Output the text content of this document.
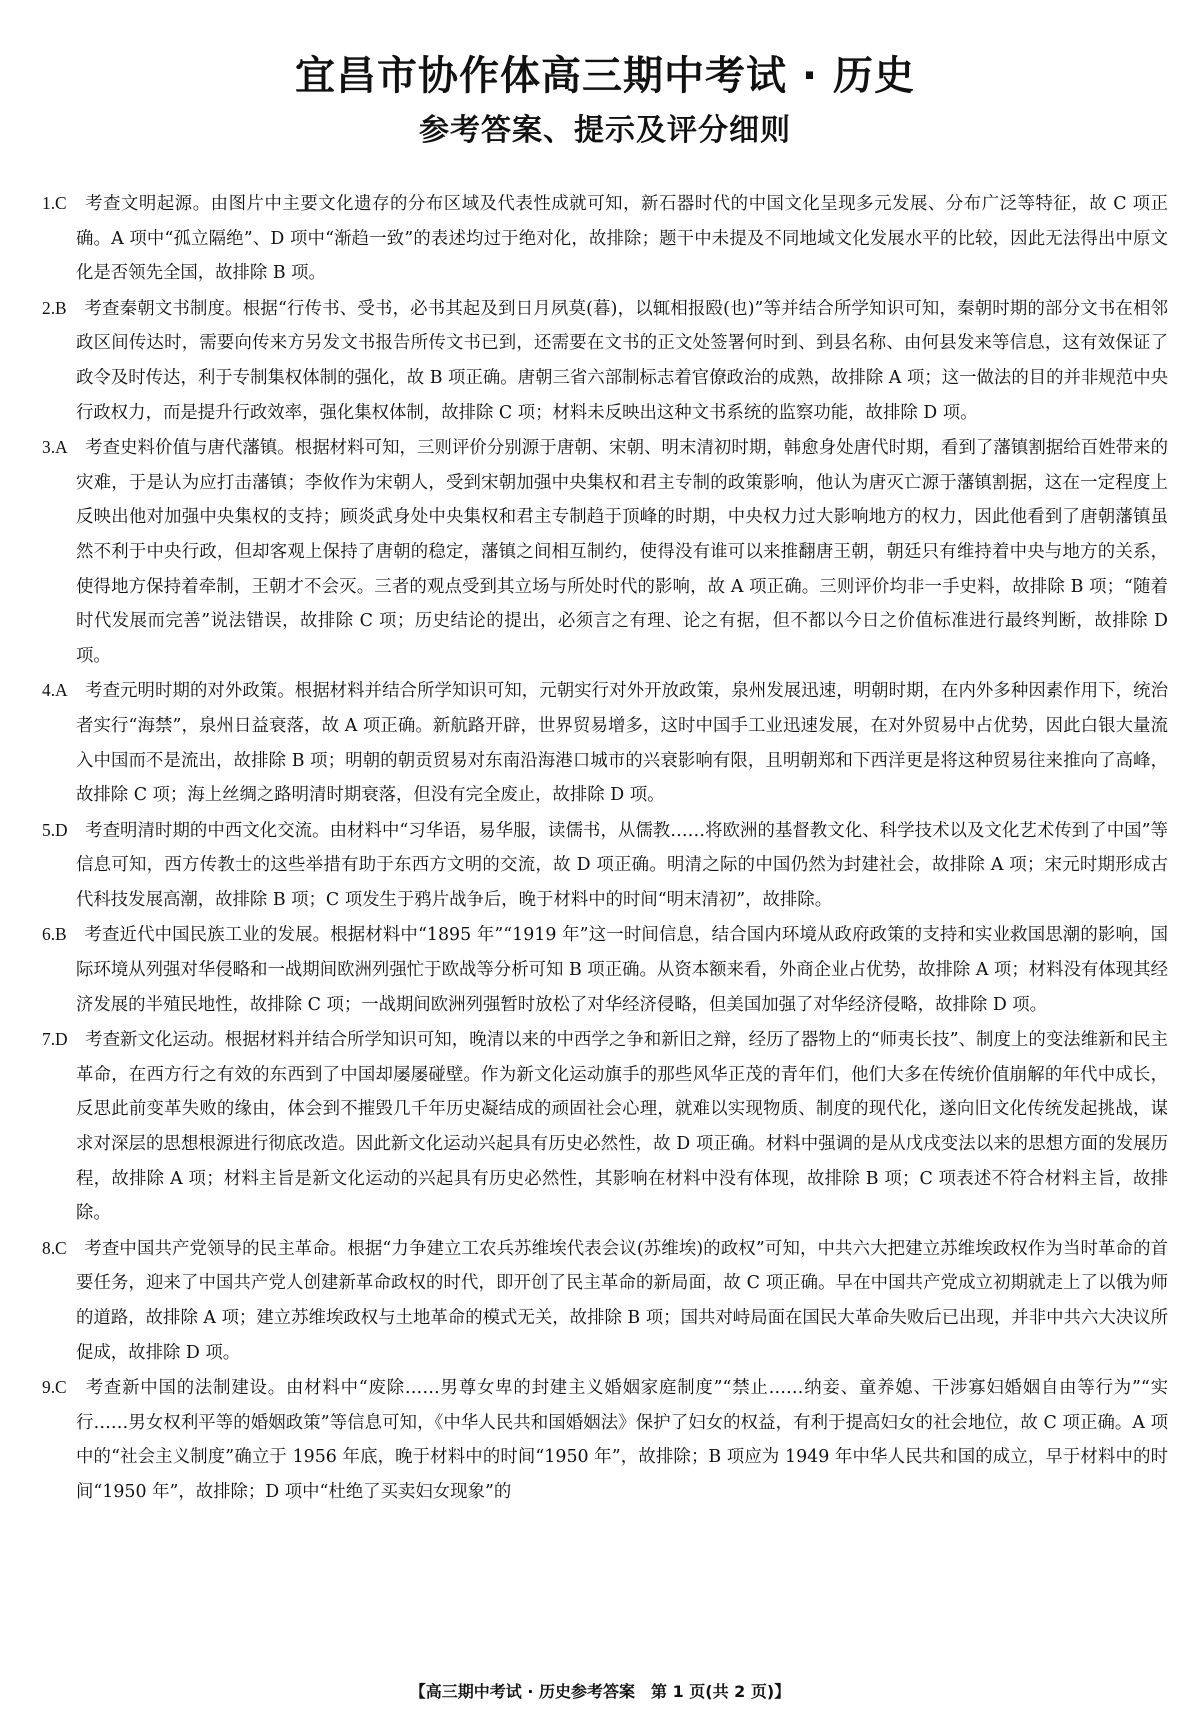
宜昌市协作体高三期中考试 · 历史
参考答案、提示及评分细则

1.C　 考查文明起源。由图片中主要文化遗存的分布区域及代表性成就可知，新石器时代的中国文化呈现多元发展、分布广泛等特征，故 C 项正确。A 项中“孤立隔绝”、D 项中“渐趋一致”的表述均过于绝对化，故排除；题干中未提及不同地域文化发展水平的比较，因此无法得出中原文化是否领先全国，故排除 B 项。

2.B　 考查秦朝文书制度。根据“行传书、受书，必书其起及到日月夙莫(暮)，以辄相报殹(也)”等并结合所学知识可知，秦朝时期的部分文书在相邻政区间传达时，需要向传来方另发文书报告所传文书已到，还需要在文书的正文处签署何时到、到县名称、由何县发来等信息，这有效保证了政令及时传达，利于专制集权体制的强化，故 B 项正确。唐朝三省六部制标志着官僚政治的成熟，故排除 A 项；这一做法的目的并非规范中央行政权力，而是提升行政效率，强化集权体制，故排除 C 项；材料未反映出这种文书系统的监察功能，故排除 D 项。

3.A　 考查史料价值与唐代藩镇。根据材料可知，三则评价分别源于唐朝、宋朝、明末清初时期，韩愈身处唐代时期，看到了藩镇割据给百姓带来的灾难，于是认为应打击藩镇；李攸作为宋朝人，受到宋朝加强中央集权和君主专制的政策影响，他认为唐灭亡源于藩镇割据，这在一定程度上反映出他对加强中央集权的支持；顾炎武身处中央集权和君主专制趋于顶峰的时期，中央权力过大影响地方的权力，因此他看到了唐朝藩镇虽然不利于中央行政，但却客观上保持了唐朝的稳定，藩镇之间相互制约，使得没有谁可以来推翻唐王朝，朝廷只有维持着中央与地方的关系，使得地方保持着牵制，王朝才不会灭。三者的观点受到其立场与所处时代的影响，故 A 项正确。三则评价均非一手史料，故排除 B 项；“随着时代发展而完善”说法错误，故排除 C 项；历史结论的提出，必须言之有理、论之有据，但不都以今日之价值标准进行最终判断，故排除 D 项。

4.A　 考查元明时期的对外政策。根据材料并结合所学知识可知，元朝实行对外开放政策，泉州发展迅速，明朝时期，在内外多种因素作用下，统治者实行“海禁”，泉州日益衰落，故 A 项正确。新航路开辟，世界贸易增多，这时中国手工业迅速发展，在对外贸易中占优势，因此白银大量流入中国而不是流出，故排除 B 项；明朝的朝贡贸易对东南沿海港口城市的兴衰影响有限，且明朝郑和下西洋更是将这种贸易往来推向了高峰，故排除 C 项；海上丝绸之路明清时期衰落，但没有完全废止，故排除 D 项。

5.D　 考查明清时期的中西文化交流。由材料中“习华语，易华服，读儒书，从儒教……将欧洲的基督教文化、科学技术以及文化艺术传到了中国”等信息可知，西方传教士的这些举措有助于东西方文明的交流，故 D 项正确。明清之际的中国仍然为封建社会，故排除 A 项；宋元时期形成古代科技发展高潮，故排除 B 项；C 项发生于鸦片战争后，晚于材料中的时间“明末清初”，故排除。

6.B　 考查近代中国民族工业的发展。根据材料中“1895 年”“1919 年”这一时间信息，结合国内环境从政府政策的支持和实业救国思潮的影响，国际环境从列强对华侵略和一战期间欧洲列强忙于欧战等分析可知 B 项正确。从资本额来看，外商企业占优势，故排除 A 项；材料没有体现其经济发展的半殖民地性，故排除 C 项；一战期间欧洲列强暂时放松了对华经济侵略，但美国加强了对华经济侵略，故排除 D 项。

7.D　 考查新文化运动。根据材料并结合所学知识可知，晚清以来的中西学之争和新旧之辩，经历了器物上的“师夷长技”、制度上的变法维新和民主革命，在西方行之有效的东西到了中国却屡屡碰壁。作为新文化运动旗手的那些风华正茂的青年们，他们大多在传统价值崩解的年代中成长，反思此前变革失败的缘由，体会到不摧毁几千年历史凝结成的顽固社会心理，就难以实现物质、制度的现代化，遂向旧文化传统发起挑战，谋求对深层的思想根源进行彻底改造。因此新文化运动兴起具有历史必然性，故 D 项正确。材料中强调的是从戊戌变法以来的思想方面的发展历程，故排除 A 项；材料主旨是新文化运动的兴起具有历史必然性，其影响在材料中没有体现，故排除 B 项；C 项表述不符合材料主旨，故排除。

8.C　 考查中国共产党领导的民主革命。根据“力争建立工农兵苏维埃代表会议(苏维埃)的政权”可知，中共六大把建立苏维埃政权作为当时革命的首要任务，迎来了中国共产党人创建新革命政权的时代，即开创了民主革命的新局面，故 C 项正确。早在中国共产党成立初期就走上了以俄为师的道路，故排除 A 项；建立苏维埃政权与土地革命的模式无关，故排除 B 项；国共对峙局面在国民大革命失败后已出现，并非中共六大决议所促成，故排除 D 项。

9.C　 考查新中国的法制建设。由材料中“废除……男尊女卑的封建主义婚姻家庭制度”“禁止……纳妾、童养媳、干涉寡妇婚姻自由等行为”“实行……男女权利平等的婚姻政策”等信息可知，《中华人民共和国婚姻法》保护了妇女的权益，有利于提高妇女的社会地位，故 C 项正确。A 项中的“社会主义制度”确立于 1956 年底，晚于材料中的时间“1950 年”，故排除；B 项应为 1949 年中华人民共和国的成立，早于材料中的时间“1950 年”，故排除；D 项中“杜绝了买卖妇女现象”的

【高三期中考试 · 历史参考答案　第 1 页(共 2 页)】
